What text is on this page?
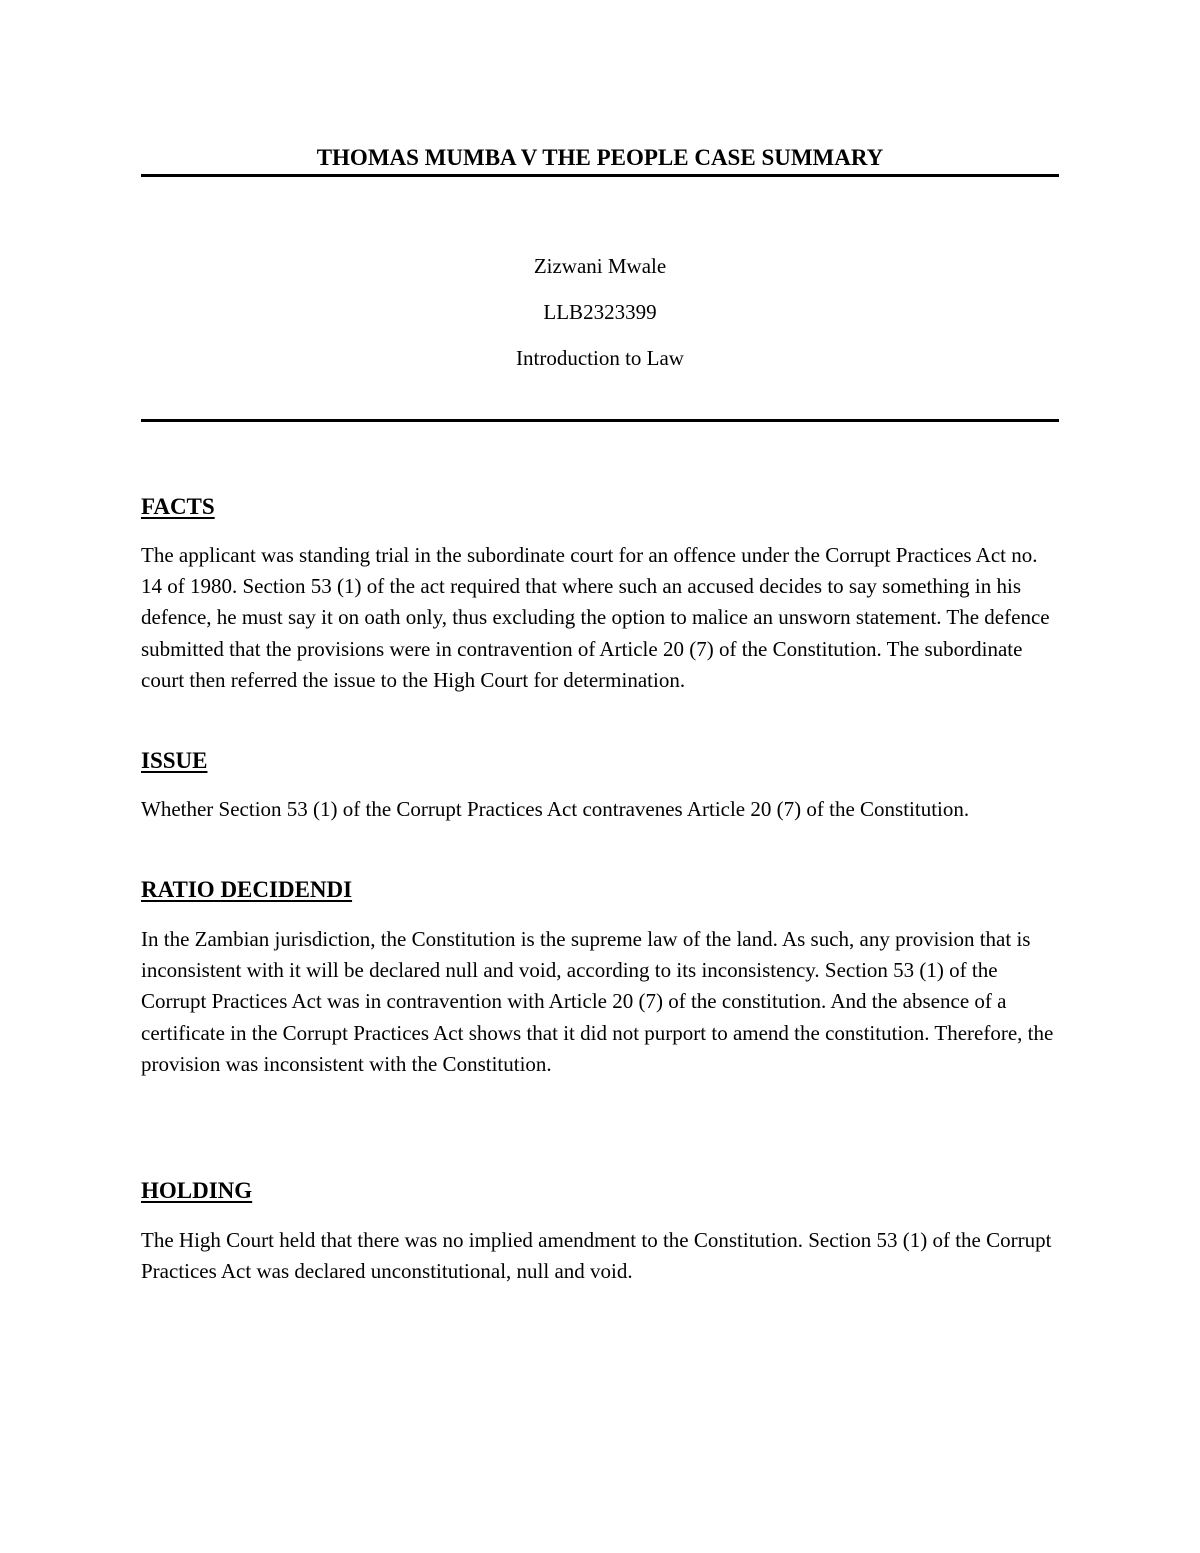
THOMAS MUMBA V THE PEOPLE CASE SUMMARY

Zizwani Mwale

LLB2323399

Introduction to Law

FACTS

The applicant was standing trial in the subordinate court for an offence under the Corrupt Practices Act no. 14 of 1980. Section 53 (1) of the act required that where such an accused decides to say something in his defence, he must say it on oath only, thus excluding the option to malice an unsworn statement. The defence submitted that the provisions were in contravention of Article 20 (7) of the Constitution. The subordinate court then referred the issue to the High Court for determination.

ISSUE

Whether Section 53 (1) of the Corrupt Practices Act contravenes Article 20 (7) of the Constitution.

RATIO DECIDENDI

In the Zambian jurisdiction, the Constitution is the supreme law of the land. As such, any provision that is inconsistent with it will be declared null and void, according to its inconsistency. Section 53 (1) of the Corrupt Practices Act was in contravention with Article 20 (7) of the constitution. And the absence of a certificate in the Corrupt Practices Act shows that it did not purport to amend the constitution. Therefore, the provision was inconsistent with the Constitution.

HOLDING

The High Court held that there was no implied amendment to the Constitution. Section 53 (1) of the Corrupt Practices Act was declared unconstitutional, null and void.
